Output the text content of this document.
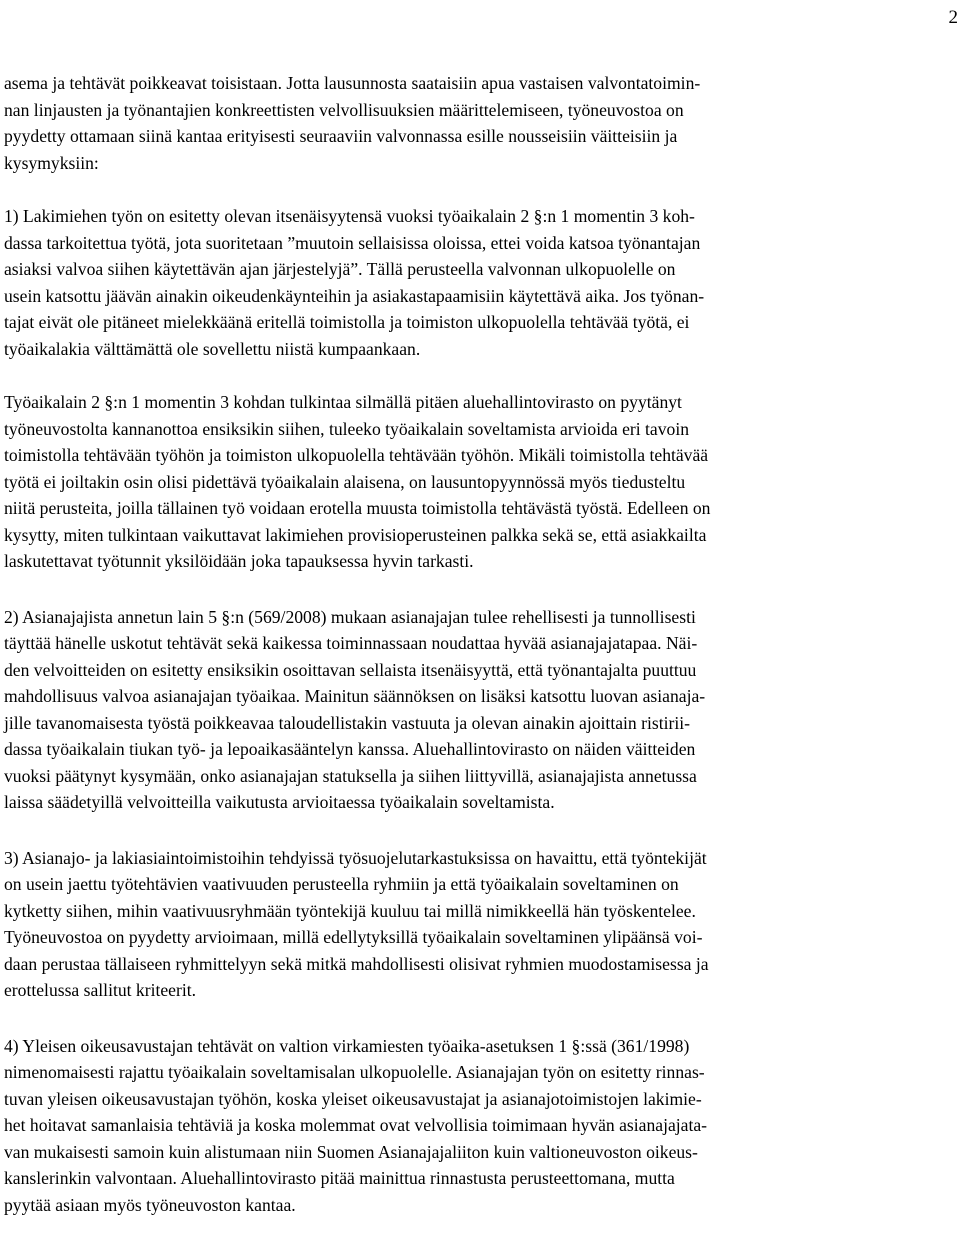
2
asema ja tehtävät poikkeavat toisistaan. Jotta lausunnosta saataisiin apua vastaisen valvontatoimin-
nan linjausten ja työnantajien konkreettisten velvollisuuksien määrittelemiseen, työneuvostoa on
pyydetty ottamaan siinä kantaa erityisesti seuraaviin valvonnassa esille nousseisiin väitteisiin ja
kysymyksiin:
1) Lakimiehen työn on esitetty olevan itsenäisyytensä vuoksi työaikalain 2 §:n 1 momentin 3 koh-
dassa tarkoitettua työtä, jota suoritetaan ”muutoin sellaisissa oloissa, ettei voida katsoa työnantajan
asiaksi valvoa siihen käytettävän ajan järjestelyjä”. Tällä perusteella valvonnan ulkopuolelle on
usein katsottu jäävän ainakin oikeudenkäynteihin ja asiakastapaamisiin käytettävä aika. Jos työnan-
tajat eivät ole pitäneet mielekkäänä eritellä toimistolla ja toimiston ulkopuolella tehtävää työtä, ei
työaikalakia välttämättä ole sovellettu niistä kumpaankaan.
Työaikalain 2 §:n 1 momentin 3 kohdan tulkintaa silmällä pitäen aluehallintovirasto on pyytänyt
työneuvostolta kannanottoa ensiksikin siihen, tuleeko työaikalain soveltamista arvioida eri tavoin
toimistolla tehtävään työhön ja toimiston ulkopuolella tehtävään työhön. Mikäli toimistolla tehtävää
työtä ei joiltakin osin olisi pidettävä työaikalain alaisena, on lausuntopyynnössä myös tiedusteltu
niitä perusteita, joilla tällainen työ voidaan erotella muusta toimistolla tehtävästä työstä. Edelleen on
kysytty, miten tulkintaan vaikuttavat lakimiehen provisioperusteinen palkka sekä se, että asiakkailta
laskutettavat työtunnit yksilöidään joka tapauksessa hyvin tarkasti.
2) Asianajajista annetun lain 5 §:n (569/2008) mukaan asianajajan tulee rehellisesti ja tunnollisesti
täyttää hänelle uskotut tehtävät sekä kaikessa toiminnassaan noudattaa hyvää asianajajatapaa. Näi-
den velvoitteiden on esitetty ensiksikin osoittavan sellaista itsenäisyyttä, että työnantajalta puuttuu
mahdollisuus valvoa asianajajan työaikaa. Mainitun säännöksen on lisäksi katsottu luovan asianaja-
jille tavanomaisesta työstä poikkeavaa taloudellistakin vastuuta ja olevan ainakin ajoittain ristirii-
dassa työaikalain tiukan työ- ja lepoaikasääntelyn kanssa. Aluehallintovirasto on näiden väitteiden
vuoksi päätynyt kysymään, onko asianajajan statuksella ja siihen liittyvillä, asianajajista annetussa
laissa säädetyillä velvoitteilla vaikutusta arvioitaessa työaikalain soveltamista.
3) Asianajo- ja lakiasiaintoimistoihin tehdyissä työsuojelutarkastuksissa on havaittu, että työntekijät
on usein jaettu työtehtävien vaativuuden perusteella ryhmiin ja että työaikalain soveltaminen on
kytketty siihen, mihin vaativuusryhmään työntekijä kuuluu tai millä nimikkeellä hän työskentelee.
Työneuvostoa on pyydetty arvioimaan, millä edellytyksillä työaikalain soveltaminen ylipäänsä voi-
daan perustaa tällaiseen ryhmittelyyn sekä mitkä mahdollisesti olisivat ryhmien muodostamisessa ja
erottelussa sallitut kriteerit.
4) Yleisen oikeusavustajan tehtävät on valtion virkamiesten työaika-asetuksen 1 §:ssä (361/1998)
nimenomaisesti rajattu työaikalain soveltamisalan ulkopuolelle. Asianajajan työn on esitetty rinnas-
tuvan yleisen oikeusavustajan työhön, koska yleiset oikeusavustajat ja asianajotoimistojen lakimie-
het hoitavat samanlaisia tehtäviä ja koska molemmat ovat velvollisia toimimaan hyvän asianajajata-
van mukaisesti samoin kuin alistumaan niin Suomen Asianajajaliiton kuin valtioneuvoston oikeus-
kanslerinkin valvontaan. Aluehallintovirasto pitää mainittua rinnastusta perusteettomana, mutta
pyytää asiaan myös työneuvoston kantaa.
